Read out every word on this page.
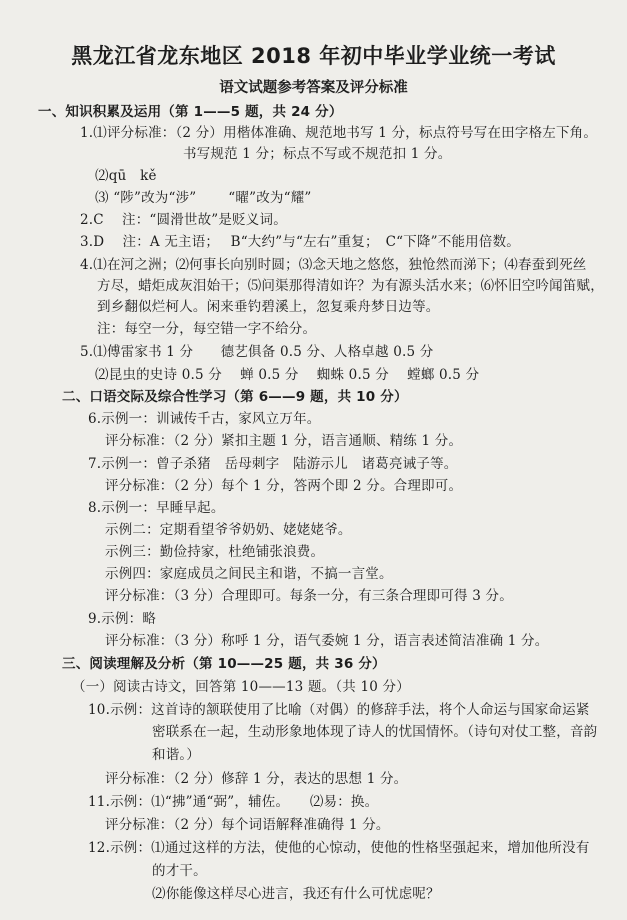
黑龙江省龙东地区 2018 年初中毕业学业统一考试
语文试题参考答案及评分标准
一、知识积累及运用（第 1——5 题，共 24 分）
1.⑴评分标准：（2 分）用楷体准确、规范地书写 1 分，标点符号写在田字格左下角。
书写规范 1 分；标点不写或不规范扣 1 分。
⑵qū　kě
⑶ “陟”改为“涉”　　 “曜”改为“耀”
2.C　 注：“圆滑世故”是贬义词。
3.D　 注：A 无主语；　 B“大约”与“左右”重复；　C“下降”不能用倍数。
4.⑴在河之洲；⑵何事长向别时圆；⑶念天地之悠悠，独怆然而涕下；⑷春蚕到死丝
方尽，蜡炬成灰泪始干；⑸问渠那得清如许？为有源头活水来；⑹怀旧空吟闻笛赋，
到乡翻似烂柯人。闲来垂钓碧溪上，忽复乘舟梦日边等。
注：每空一分，每空错一字不给分。
5.⑴傅雷家书 1 分　　德艺俱备 0.5 分、人格卓越 0.5 分
⑵昆虫的史诗 0.5 分　 蝉 0.5 分　 蜘蛛 0.5 分　 螳螂 0.5 分
二、口语交际及综合性学习（第 6——9 题，共 10 分）
6.示例一：训诫传千古，家风立万年。
评分标准：（2 分）紧扣主题 1 分，语言通顺、精练 1 分。
7.示例一：曾子杀猪　岳母刺字　陆游示儿　诸葛亮诫子等。
评分标准：（2 分）每个 1 分，答两个即 2 分。合理即可。
8.示例一：早睡早起。
示例二：定期看望爷爷奶奶、姥姥姥爷。
示例三：勤俭持家，杜绝铺张浪费。
示例四：家庭成员之间民主和谐，不搞一言堂。
评分标准：（3 分）合理即可。每条一分，有三条合理即可得 3 分。
9.示例：略
评分标准：（3 分）称呼 1 分，语气委婉 1 分，语言表述简洁准确 1 分。
三、阅读理解及分析（第 10——25 题，共 36 分）
（一）阅读古诗文，回答第 10——13 题。（共 10 分）
10.示例：这首诗的颔联使用了比喻（对偶）的修辞手法，将个人命运与国家命运紧
密联系在一起，生动形象地体现了诗人的忧国情怀。（诗句对仗工整，音韵
和谐。）
评分标准：（2 分）修辞 1 分，表达的思想 1 分。
11.示例：⑴“拂”通“弼”，辅佐。　　⑵易：换。
评分标准：（2 分）每个词语解释准确得 1 分。
12.示例：⑴通过这样的方法，使他的心惊动，使他的性格坚强起来，增加他所没有
的才干。
⑵你能像这样尽心进言，我还有什么可忧虑呢？
